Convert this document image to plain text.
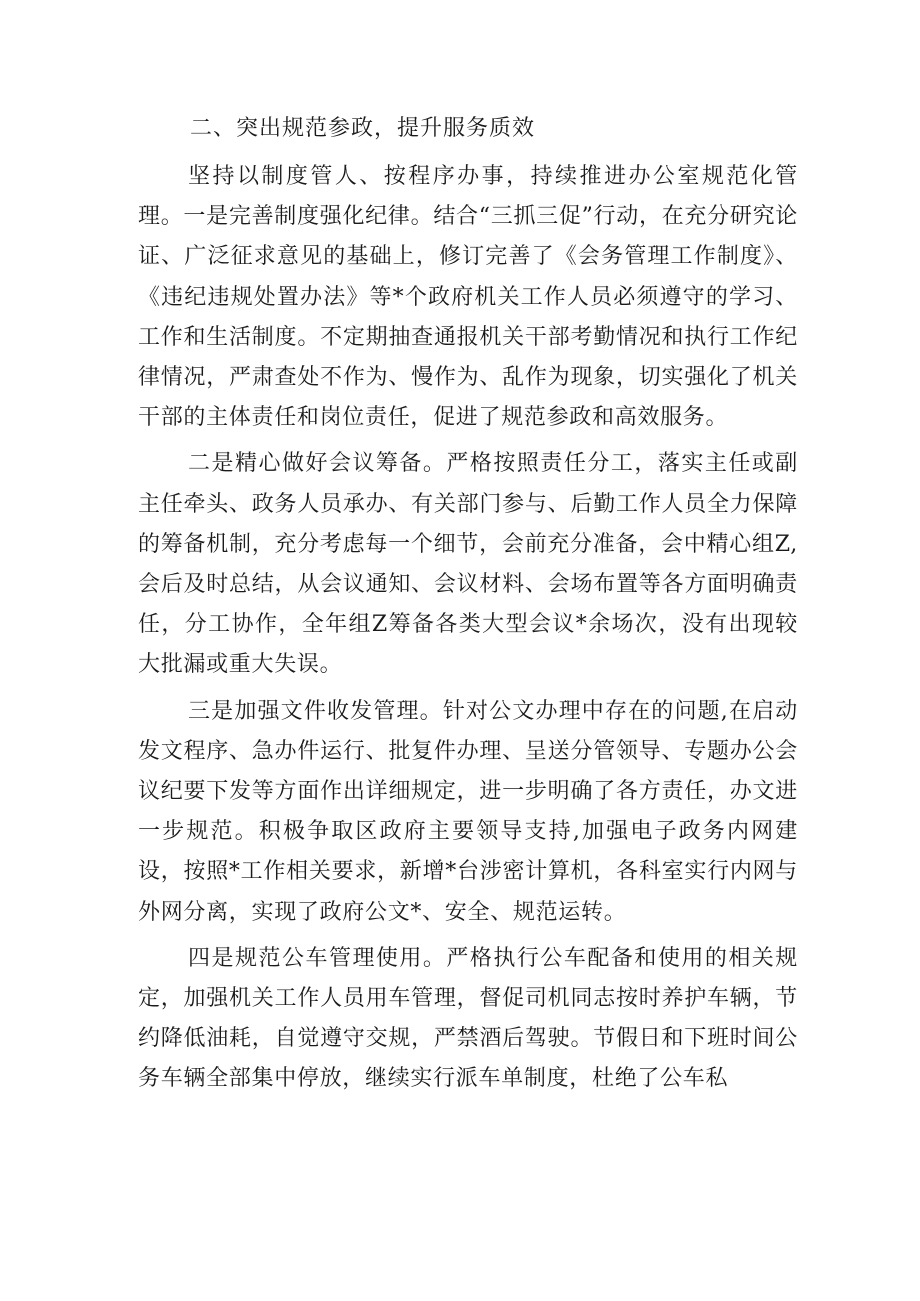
二、突出规范参政，提升服务质效

坚持以制度管人、按程序办事，持续推进办公室规范化管理。一是完善制度强化纪律。结合“三抓三促”行动，在充分研究论证、广泛征求意见的基础上，修订完善了《会务管理工作制度》、《违纪违规处置办法》等*个政府机关工作人员必须遵守的学习、工作和生活制度。不定期抽查通报机关干部考勤情况和执行工作纪律情况，严肃查处不作为、慢作为、乱作为现象，切实强化了机关干部的主体责任和岗位责任，促进了规范参政和高效服务。

二是精心做好会议筹备。严格按照责任分工，落实主任或副主任牵头、政务人员承办、有关部门参与、后勤工作人员全力保障的筹备机制，充分考虑每一个细节，会前充分准备，会中精心组Z,会后及时总结，从会议通知、会议材料、会场布置等各方面明确责任，分工协作，全年组Z筹备各类大型会议*余场次，没有出现较大批漏或重大失误。

三是加强文件收发管理。针对公文办理中存在的问题,在启动发文程序、急办件运行、批复件办理、呈送分管领导、专题办公会议纪要下发等方面作出详细规定，进一步明确了各方责任，办文进一步规范。积极争取区政府主要领导支持,加强电子政务内网建设，按照*工作相关要求，新增*台涉密计算机，各科室实行内网与外网分离，实现了政府公文*、安全、规范运转。

四是规范公车管理使用。严格执行公车配备和使用的相关规定，加强机关工作人员用车管理，督促司机同志按时养护车辆，节约降低油耗，自觉遵守交规，严禁酒后驾驶。节假日和下班时间公务车辆全部集中停放，继续实行派车单制度，杜绝了公车私
